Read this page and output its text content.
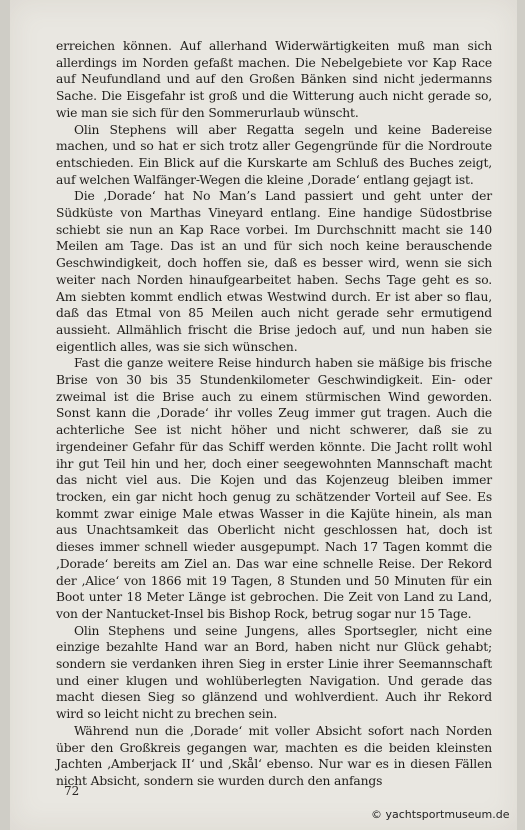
erreichen können. Auf allerhand Widerwärtigkeiten muß man sich allerdings im Norden gefaßt machen. Die Nebelgebiete vor Kap Race auf Neufundland und auf den Großen Bänken sind nicht jedermanns Sache. Die Eisgefahr ist groß und die Witterung auch nicht gerade so, wie man sie sich für den Sommerurlaub wünscht.

Olin Stephens will aber Regatta segeln und keine Badereise machen, und so hat er sich trotz aller Gegengründe für die Nordroute entschieden. Ein Blick auf die Kurskarte am Schluß des Buches zeigt, auf welchen Walfänger-Wegen die kleine ‚Dorade‘ entlang gejagt ist.

Die ‚Dorade‘ hat No Man’s Land passiert und geht unter der Südküste von Marthas Vineyard entlang. Eine handige Südostbrise schiebt sie nun an Kap Race vorbei. Im Durchschnitt macht sie 140 Meilen am Tage. Das ist an und für sich noch keine berauschende Geschwindigkeit, doch hoffen sie, daß es besser wird, wenn sie sich weiter nach Norden hinaufgearbeitet haben. Sechs Tage geht es so. Am siebten kommt endlich etwas Westwind durch. Er ist aber so flau, daß das Etmal von 85 Meilen auch nicht gerade sehr ermutigend aussieht. Allmählich frischt die Brise jedoch auf, und nun haben sie eigentlich alles, was sie sich wünschen.

Fast die ganze weitere Reise hindurch haben sie mäßige bis frische Brise von 30 bis 35 Stundenkilometer Geschwindigkeit. Ein- oder zweimal ist die Brise auch zu einem stürmischen Wind geworden. Sonst kann die ‚Dorade‘ ihr volles Zeug immer gut tragen. Auch die achterliche See ist nicht höher und nicht schwerer, daß sie zu irgendeiner Gefahr für das Schiff werden könnte. Die Jacht rollt wohl ihr gut Teil hin und her, doch einer seegewohnten Mannschaft macht das nicht viel aus. Die Kojen und das Kojenzeug bleiben immer trocken, ein gar nicht hoch genug zu schätzender Vorteil auf See. Es kommt zwar einige Male etwas Wasser in die Kajüte hinein, als man aus Unachtsamkeit das Oberlicht nicht geschlossen hat, doch ist dieses immer schnell wieder ausgepumpt. Nach 17 Tagen kommt die ‚Dorade‘ bereits am Ziel an. Das war eine schnelle Reise. Der Rekord der ‚Alice‘ von 1866 mit 19 Tagen, 8 Stunden und 50 Minuten für ein Boot unter 18 Meter Länge ist gebrochen. Die Zeit von Land zu Land, von der Nantucket-Insel bis Bishop Rock, betrug sogar nur 15 Tage.

Olin Stephens und seine Jungens, alles Sportsegler, nicht eine einzige bezahlte Hand war an Bord, haben nicht nur Glück gehabt; sondern sie verdanken ihren Sieg in erster Linie ihrer Seemannschaft und einer klugen und wohlüberlegten Navigation. Und gerade das macht diesen Sieg so glänzend und wohlverdient. Auch ihr Rekord wird so leicht nicht zu brechen sein.

Während nun die ‚Dorade‘ mit voller Absicht sofort nach Norden über den Großkreis gegangen war, machten es die beiden kleinsten Jachten ‚Amberjack II‘ und ‚Skål‘ ebenso. Nur war es in diesen Fällen nicht Absicht, sondern sie wurden durch den anfangs

72
© yachtsportmuseum.de
